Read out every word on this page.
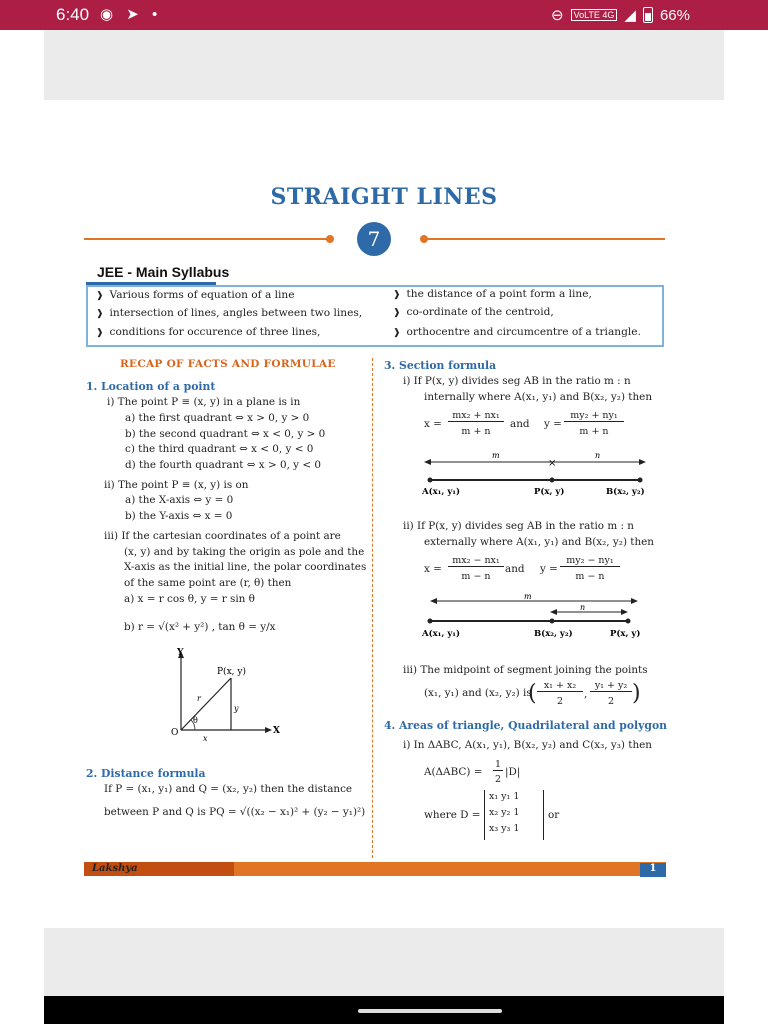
6:40 ◉ ➤ •	⊖	VoLTE 4G ◢ 66%
STRAIGHT LINES
7
JEE - Main Syllabus
❱ Various forms of equation of a line
❱ intersection of lines, angles between two lines,
❱ conditions for occurence of three lines,
❱ the distance of a point form a line,
❱ co-ordinate of the centroid,
❱ orthocentre and circumcentre of a triangle.
RECAP OF FACTS AND FORMULAE
1. Location of a point
i) The point P ≡ (x, y) in a plane is in
a) the first quadrant ⇔ x > 0, y > 0
b) the second quadrant ⇔ x < 0, y > 0
c) the third quadrant ⇔ x < 0, y < 0
d) the fourth quadrant ⇔ x > 0, y < 0
ii) The point P ≡ (x, y) is on
a) the X-axis ⇔ y = 0
b) the Y-axis ⇔ x = 0
iii) If the cartesian coordinates of a point are
(x, y) and by taking the origin as pole and the
X-axis as the initial line, the polar coordinates
of the same point are (r, θ) then
a) x = r cos θ, y = r sin θ
b) r = √(x² + y²) , tan θ = y/x
Y
X
O
P(x, y)
r
θ
x
y
2. Distance formula
If P = (x₁, y₁) and Q = (x₂, y₂) then the distance
between P and Q is PQ = √((x₂ − x₁)² + (y₂ − y₁)²)
3. Section formula
i) If P(x, y) divides seg AB in the ratio m : n
internally where A(x₁, y₁) and B(x₂, y₂) then
x =
mx₂ + nx₁
m + n
and y =
my₂ + ny₁
m + n
×
m	n
A(x₁, y₁)	P(x, y)	B(x₂, y₂)
ii) If P(x, y) divides seg AB in the ratio m : n
externally where A(x₁, y₁) and B(x₂, y₂) then
x =
mx₂ − nx₁
m − n
and y =
my₂ − ny₁
m − n
m
n
A(x₁, y₁)	B(x₂, y₂)	P(x, y)
iii) The midpoint of segment joining the points
(x₁, y₁) and (x₂, y₂) is
( x₁ + x₂
2
,
y₁ + y₂
2 )
4. Areas of triangle, Quadrilateral and polygon
i) In ΔABC, A(x₁, y₁), B(x₂, y₂) and C(x₃, y₃) then
A(ΔABC) =
1
2
|D|
where D =
x₁ y₁ 1
x₂ y₂ 1
x₃ y₃ 1
or
Lakshya	1
